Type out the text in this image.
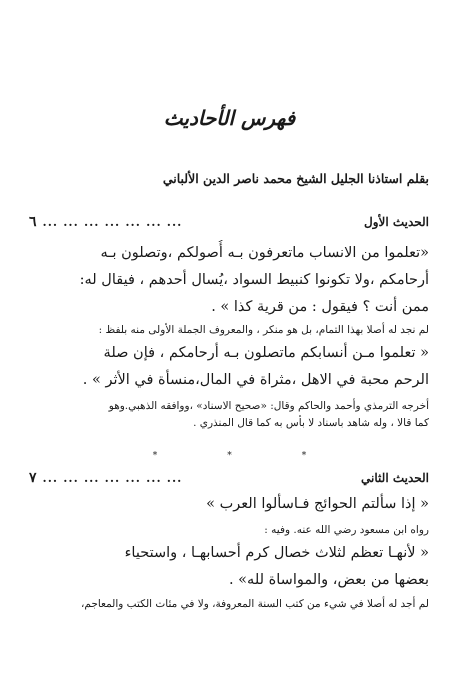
فهرس الأحاديث
بقلم استاذنا الجليل الشيخ محمد ناصر الدين الألباني
الحديث الأول
... ... ... ... ... ... ...
٦
«تعلموا من الانساب ماتعرفون بـه أُصولكم ،وتصلون بـه
أرحامكم ،ولا تكونوا كنبيط السواد ،يُسال أحدهم ، فيقال له:
ممن أنت ؟ فيقول : من قرية كذا » .
لم نجد له أصلا بهذا التمام، بل هو منكر ، والمعروف الجملة الأولى منه بلفظ :
« تعلموا مـن أنسابكم ماتصلون بـه أرحامكم ، فإن صلة
الرحم محبة في الاهل ،مثراة في المال،منسأة في الأثر » .
أخرجه الترمذي وأحمد والحاكم وقال: «صحيح الاسناد» ،ووافقه الذهبي.وهو
كما قالا ، وله شاهد باسناد لا بأس به كما قال المنذري .
*
*
*
الحديث الثاني
... ... ... ... ... ... ...
٧
« إذا سألتم الحوائج فـاسألوا العرب »
رواه ابن مسعود رضي الله عنه. وفيه :
« لأنهـا تعظم لثلاث خصال كرم أحسابهـا ، واستحياء
بعضها من بعض، والمواساة لله» .
لم أجد له أصلا في شيء من كتب السنة المعروفة، ولا في مئات الكتب والمعاجم،
